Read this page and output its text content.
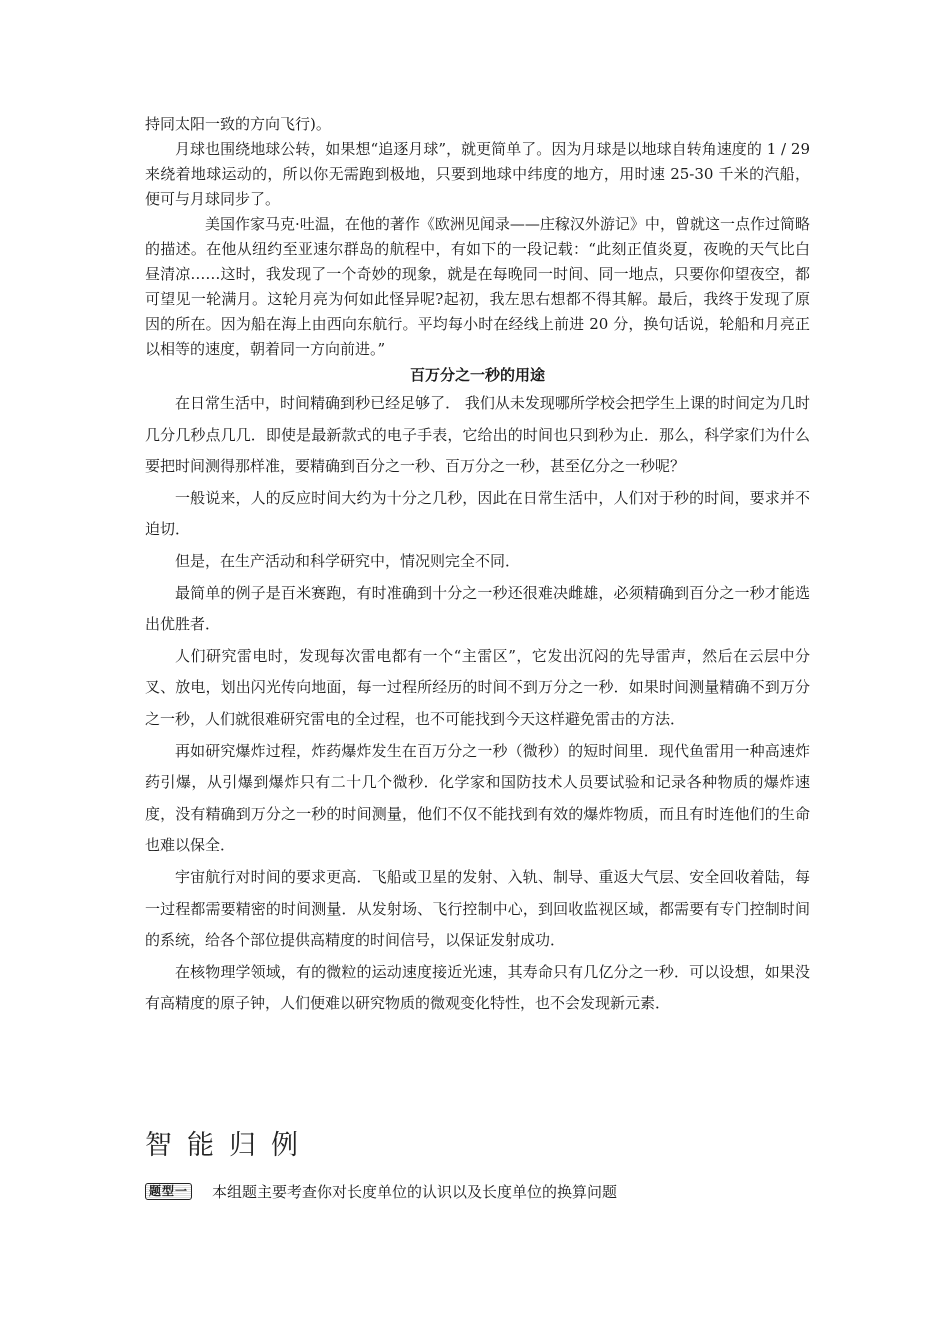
持同太阳一致的方向飞行)。

月球也围绕地球公转，如果想“追逐月球”，就更简单了。因为月球是以地球自转角速度的 1 / 29 来绕着地球运动的，所以你无需跑到极地，只要到地球中纬度的地方，用时速 25-30 千米的汽船，便可与月球同步了。

美国作家马克·吐温，在他的著作《欧洲见闻录——庄稼汉外游记》中，曾就这一点作过简略的描述。在他从纽约至亚速尔群岛的航程中，有如下的一段记载：“此刻正值炎夏，夜晚的天气比白昼清凉……这时，我发现了一个奇妙的现象，就是在每晚同一时间、同一地点，只要你仰望夜空，都可望见一轮满月。这轮月亮为何如此怪异呢?起初，我左思右想都不得其解。最后，我终于发现了原因的所在。因为船在海上由西向东航行。平均每小时在经线上前进 20 分，换句话说，轮船和月亮正以相等的速度，朝着同一方向前进。”

百万分之一秒的用途

在日常生活中，时间精确到秒已经足够了． 我们从未发现哪所学校会把学生上课的时间定为几时几分几秒点几几．即使是最新款式的电子手表，它给出的时间也只到秒为止．那么，科学家们为什么要把时间测得那样准，要精确到百分之一秒、百万分之一秒，甚至亿分之一秒呢？

一般说来，人的反应时间大约为十分之几秒，因此在日常生活中，人们对于秒的时间，要求并不迫切．

但是，在生产活动和科学研究中，情况则完全不同．

最简单的例子是百米赛跑，有时准确到十分之一秒还很难决雌雄，必须精确到百分之一秒才能选出优胜者．

人们研究雷电时，发现每次雷电都有一个“主雷区”，它发出沉闷的先导雷声，然后在云层中分叉、放电，划出闪光传向地面，每一过程所经历的时间不到万分之一秒．如果时间测量精确不到万分之一秒，人们就很难研究雷电的全过程，也不可能找到今天这样避免雷击的方法．

再如研究爆炸过程，炸药爆炸发生在百万分之一秒（微秒）的短时间里．现代鱼雷用一种高速炸药引爆，从引爆到爆炸只有二十几个微秒．化学家和国防技术人员要试验和记录各种物质的爆炸速度，没有精确到万分之一秒的时间测量，他们不仅不能找到有效的爆炸物质，而且有时连他们的生命也难以保全．

宇宙航行对时间的要求更高．飞船或卫星的发射、入轨、制导、重返大气层、安全回收着陆，每一过程都需要精密的时间测量．从发射场、飞行控制中心，到回收监视区域，都需要有专门控制时间的系统，给各个部位提供高精度的时间信号，以保证发射成功．

在核物理学领域，有的微粒的运动速度接近光速，其寿命只有几亿分之一秒．可以设想，如果没有高精度的原子钟，人们便难以研究物质的微观变化特性，也不会发现新元素．

智能归例
题型一 本组题主要考查你对长度单位的认识以及长度单位的换算问题
